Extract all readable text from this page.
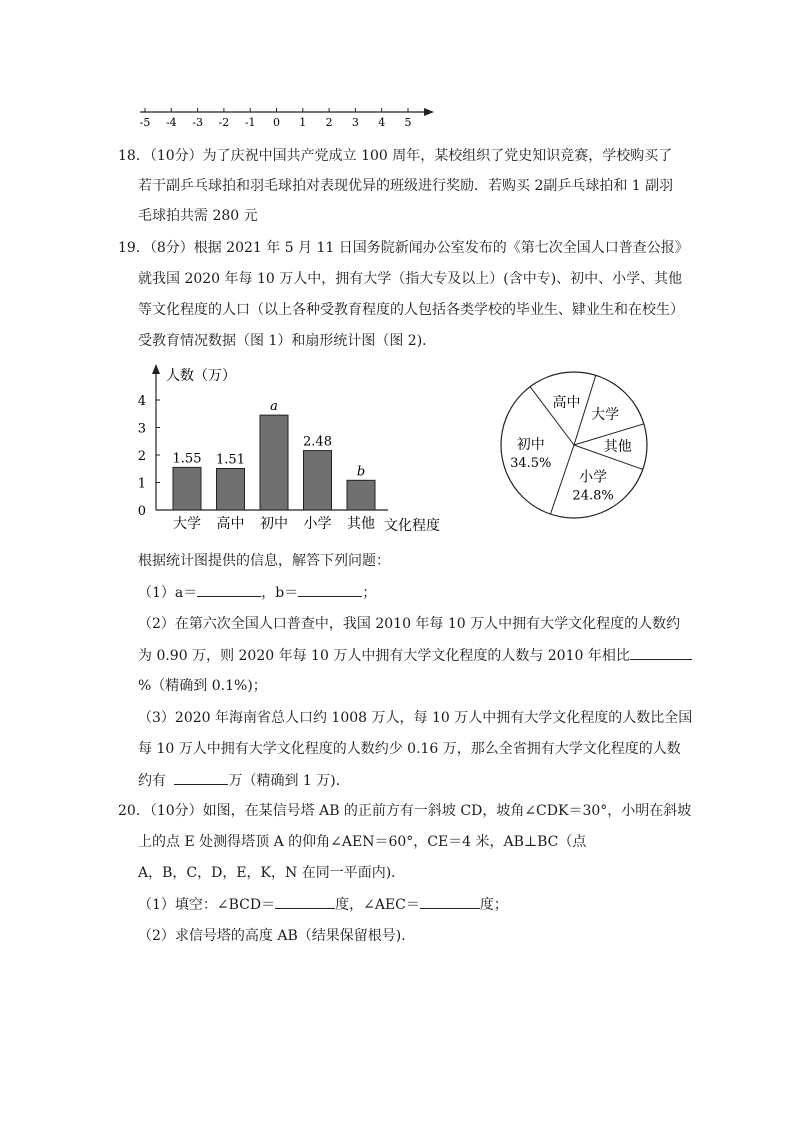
-5 -4 -3 -2 -1 0 1 2 3 4 5
18．（10分）为了庆祝中国共产党成立 100 周年，某校组织了党史知识竞赛，学校购买了
若干副乒乓球拍和羽毛球拍对表现优异的班级进行奖励．若购买 2副乒乓球拍和 1 副羽
毛球拍共需 280 元
19．（8分）根据 2021 年 5 月 11 日国务院新闻办公室发布的《第七次全国人口普查公报》
就我国 2020 年每 10 万人中，拥有大学（指大专及以上）(含中专)、初中、小学、其他
等文化程度的人口（以上各种受教育程度的人包括各类学校的毕业生、肄业生和在校生）
受教育情况数据（图 1）和扇形统计图（图 2)．
人数（万）
文化程度
0
1
2
3
4
1.55
大学
1.51
高中
a
初中
2.48
小学
b
其他
高中
大学
其他
小学
24.8%
初中
34.5%
根据统计图提供的信息，解答下列问题：
（1）a＝	，b＝	；
（2）在第六次全国人口普查中，我国 2010 年每 10 万人中拥有大学文化程度的人数约
为 0.90 万，则 2020 年每 10 万人中拥有大学文化程度的人数与 2010 年相比
%（精确到 0.1%)；
（3）2020 年海南省总人口约 1008 万人，每 10 万人中拥有大学文化程度的人数比全国
每 10 万人中拥有大学文化程度的人数约少 0.16 万，那么全省拥有大学文化程度的人数
约有	万（精确到 1 万)．
20．（10分）如图，在某信号塔 AB 的正前方有一斜坡 CD，坡角∠CDK＝30°，小明在斜坡
上的点 E 处测得塔顶 A 的仰角∠AEN＝60°，CE＝4 米，AB⊥BC（点
A，B，C，D，E，K，N 在同一平面内)．
（1）填空：∠BCD＝	度，∠AEC＝	度；
（2）求信号塔的高度 AB（结果保留根号)．
